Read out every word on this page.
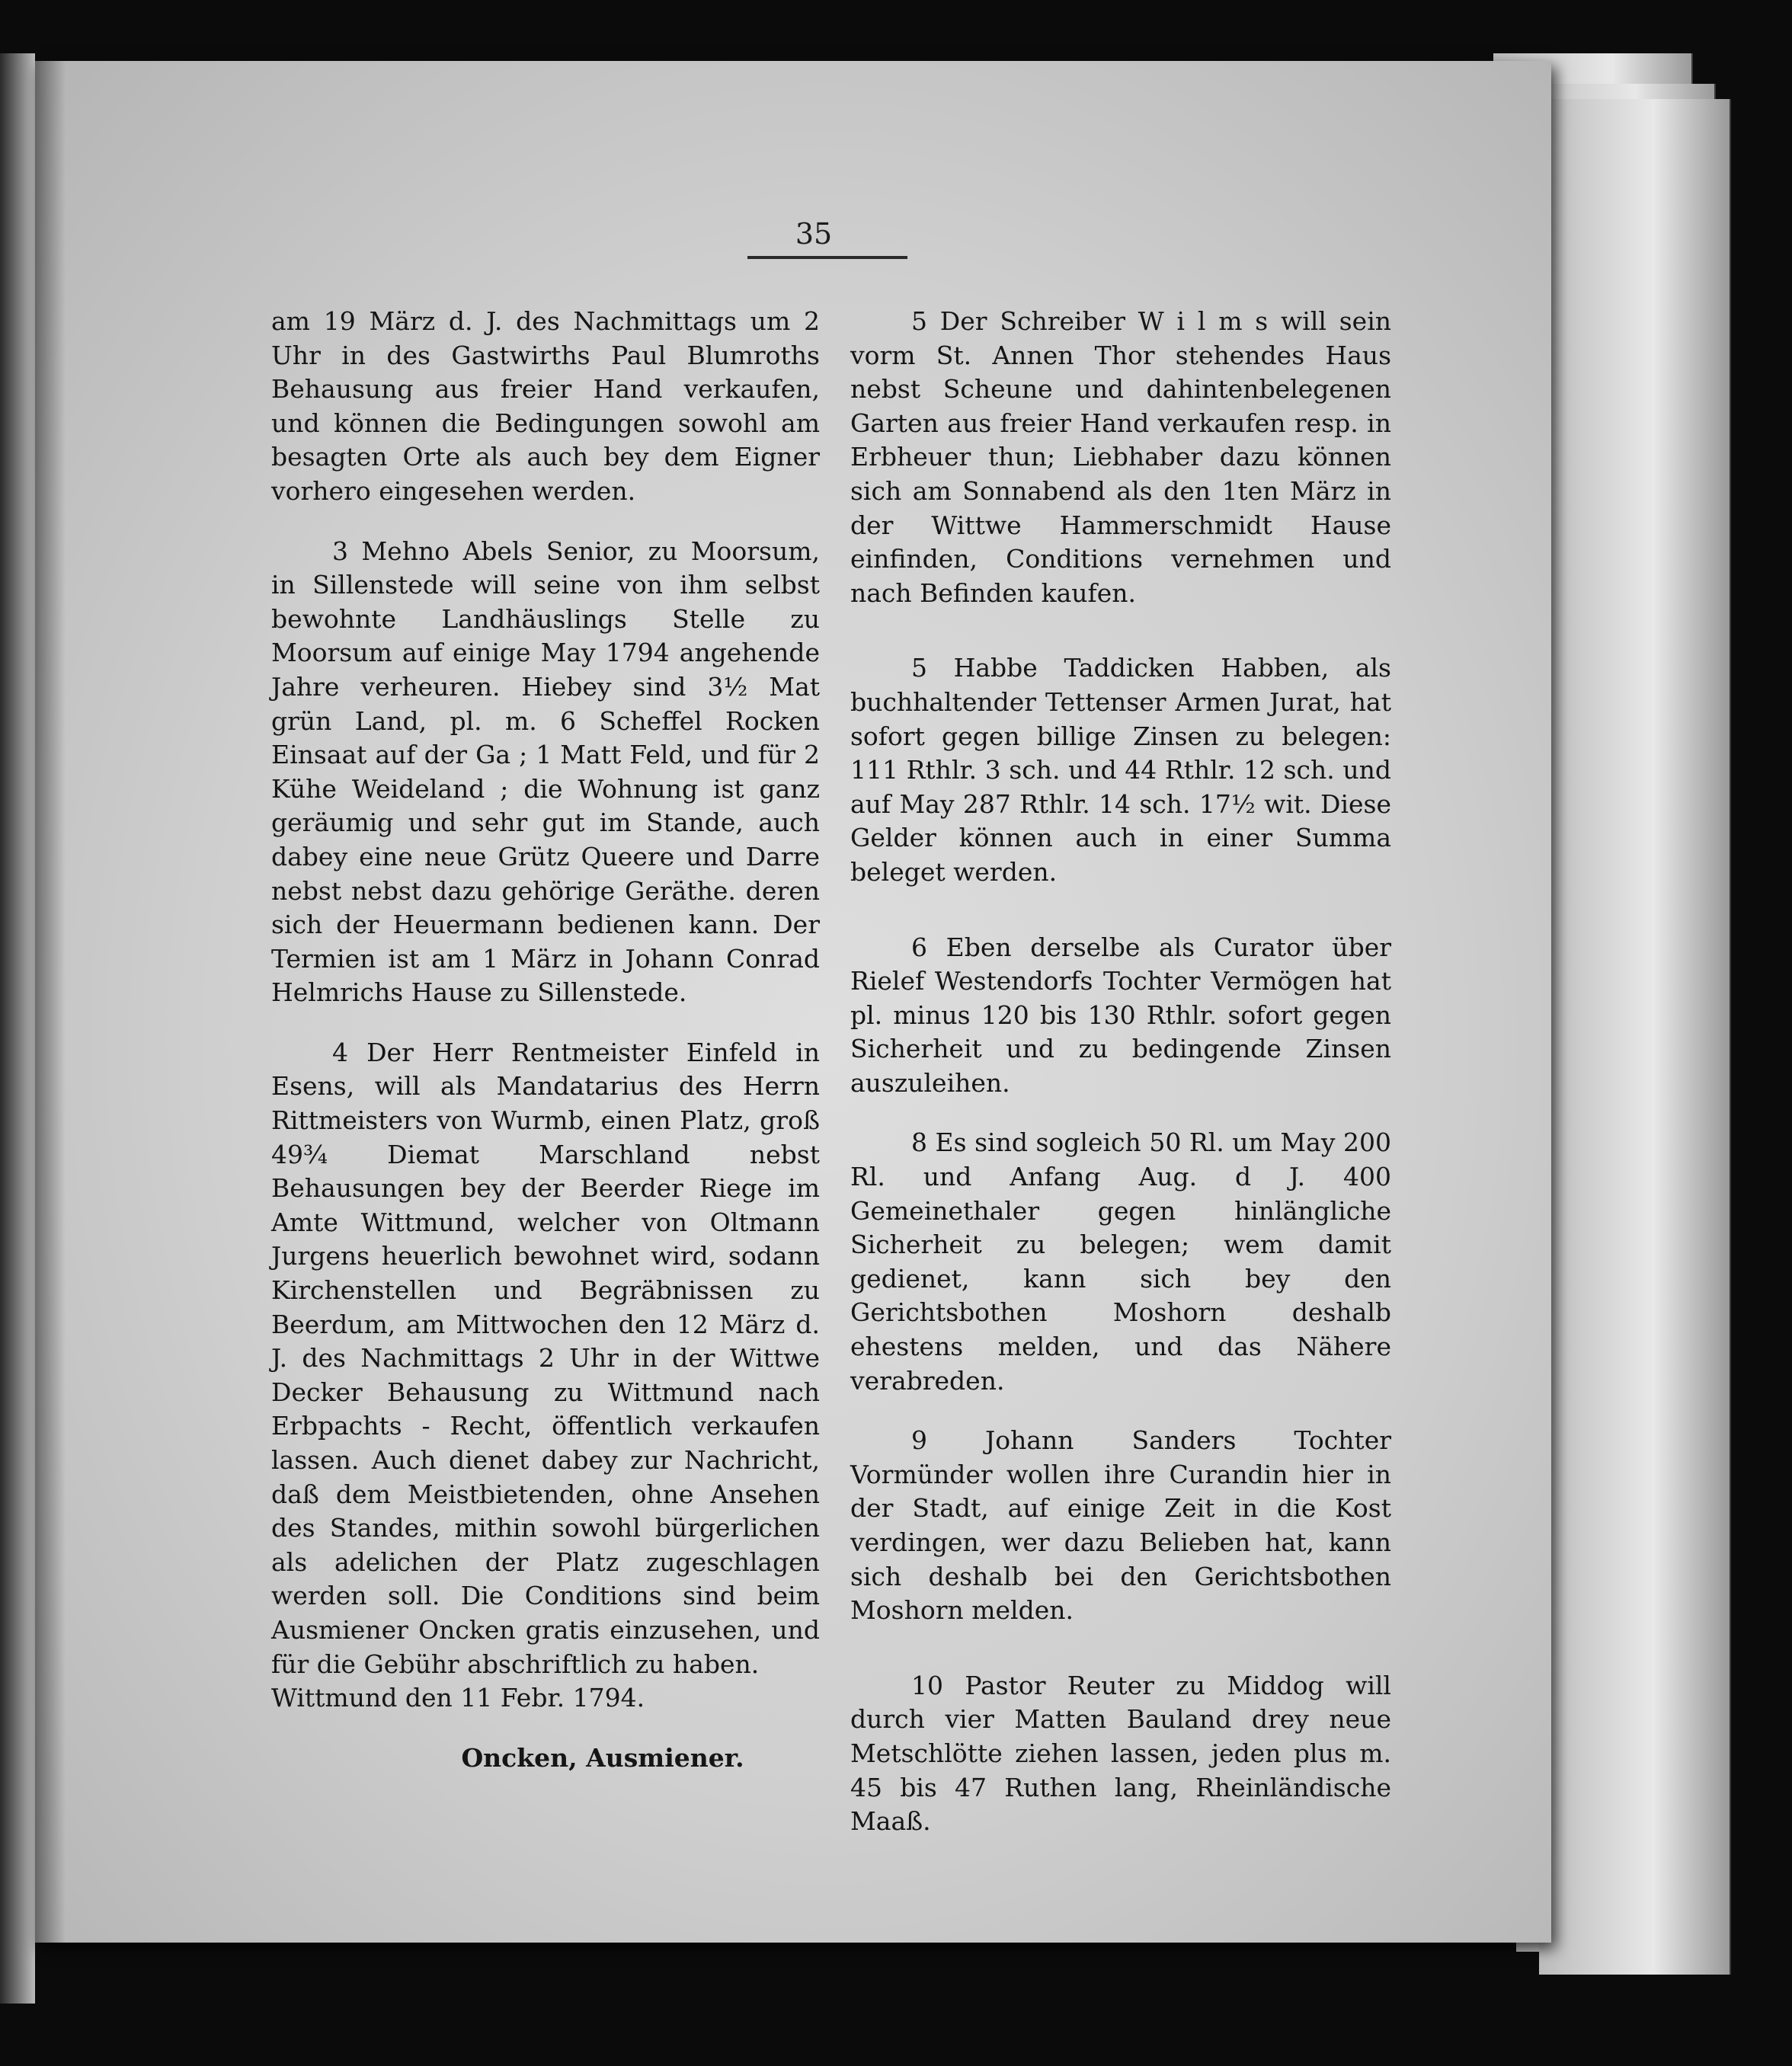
35

am 19 März d. J. des Nachmittags um 2 Uhr in des Gastwirths Paul Blumroths Behausung aus freier Hand verkaufen, und können die Bedingungen sowohl am besagten Orte als auch bey dem Eigner vorhero eingesehen werden.

3 Mehno Abels Senior, zu Moorsum, in Sillenstede will seine von ihm selbst bewohnte Landhäuslings Stelle zu Moorsum auf einige May 1794 angehende Jahre verheuren. Hiebey sind 3½ Mat grün Land, pl. m. 6 Scheffel Rocken Einsaat auf der Ga ; 1 Matt Feld, und für 2 Kühe Weideland ; die Wohnung ist ganz geräumig und sehr gut im Stande, auch dabey eine neue Grütz Queere und Darre nebst nebst dazu gehörige Geräthe. deren sich der Heuermann bedienen kann. Der Termien ist am 1 März in Johann Conrad Helmrichs Hause zu Sillenstede.

4 Der Herr Rentmeister Einfeld in Esens, will als Mandatarius des Herrn Rittmeisters von Wurmb, einen Platz, groß 49¾ Diemat Marschland nebst Behausungen bey der Beerder Riege im Amte Wittmund, welcher von Oltmann Jurgens heuerlich bewohnet wird, sodann Kirchenstellen und Begräbnissen zu Beerdum, am Mittwochen den 12 März d. J. des Nachmittags 2 Uhr in der Wittwe Decker Behausung zu Wittmund nach Erbpachts - Recht, öffentlich verkaufen lassen. Auch dienet dabey zur Nachricht, daß dem Meistbietenden, ohne Ansehen des Standes, mithin sowohl bürgerlichen als adelichen der Platz zugeschlagen werden soll. Die Conditions sind beim Ausmiener Oncken gratis einzusehen, und für die Gebühr abschriftlich zu haben.

Wittmund den 11 Febr. 1794.

Oncken, Ausmiener.

5 Der Schreiber W i l m s will sein vorm St. Annen Thor stehendes Haus nebst Scheune und dahintenbelegenen Garten aus freier Hand verkaufen resp. in Erbheuer thun; Liebhaber dazu können sich am Sonnabend als den 1ten März in der Wittwe Hammerschmidt Hause einfinden, Conditions vernehmen und nach Befinden kaufen.

5 Habbe Taddicken Habben, als buchhaltender Tettenser Armen Jurat, hat sofort gegen billige Zinsen zu belegen: 111 Rthlr. 3 sch. und 44 Rthlr. 12 sch. und auf May 287 Rthlr. 14 sch. 17½ wit. Diese Gelder können auch in einer Summa beleget werden.

6 Eben derselbe als Curator über Rielef Westendorfs Tochter Vermögen hat pl. minus 120 bis 130 Rthlr. sofort gegen Sicherheit und zu bedingende Zinsen auszuleihen.

8 Es sind sogleich 50 Rl. um May 200 Rl. und Anfang Aug. d J. 400 Gemeinethaler gegen hinlängliche Sicherheit zu belegen; wem damit gedienet, kann sich bey den Gerichtsbothen Moshorn deshalb ehestens melden, und das Nähere verabreden.

9 Johann Sanders Tochter Vormünder wollen ihre Curandin hier in der Stadt, auf einige Zeit in die Kost verdingen, wer dazu Belieben hat, kann sich deshalb bei den Gerichtsbothen Moshorn melden.

10 Pastor Reuter zu Middog will durch vier Matten Bauland drey neue Metschlötte ziehen lassen, jeden plus m. 45 bis 47 Ruthen lang, Rheinländische Maaß.
